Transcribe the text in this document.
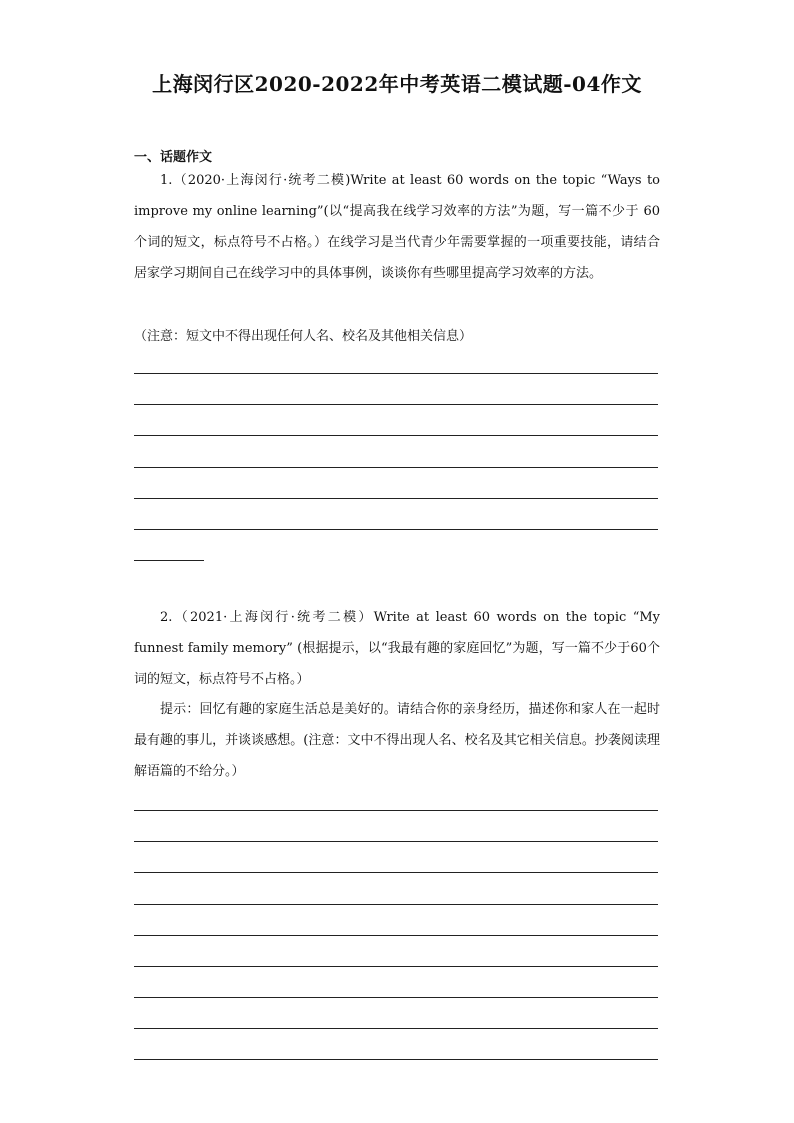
上海闵行区2020-2022年中考英语二模试题-04作文
一、话题作文
1.（2020·上海闵行·统考二模)Write at least 60 words on the topic “Ways to improve my online learning”(以“提高我在线学习效率的方法”为题，写一篇不少于 60 个词的短文，标点符号不占格。）在线学习是当代青少年需要掌握的一项重要技能，请结合居家学习期间自己在线学习中的具体事例，谈谈你有些哪里提高学习效率的方法。
（注意：短文中不得出现任何人名、校名及其他相关信息）
2.（2021·上海闵行·统考二模）Write at least 60 words on the topic “My funnest family memory” (根据提示，以“我最有趣的家庭回忆”为题，写一篇不少于60个词的短文，标点符号不占格。）
提示：回忆有趣的家庭生活总是美好的。请结合你的亲身经历，描述你和家人在一起时最有趣的事儿，并谈谈感想。(注意：文中不得出现人名、校名及其它相关信息。抄袭阅读理解语篇的不给分。）
